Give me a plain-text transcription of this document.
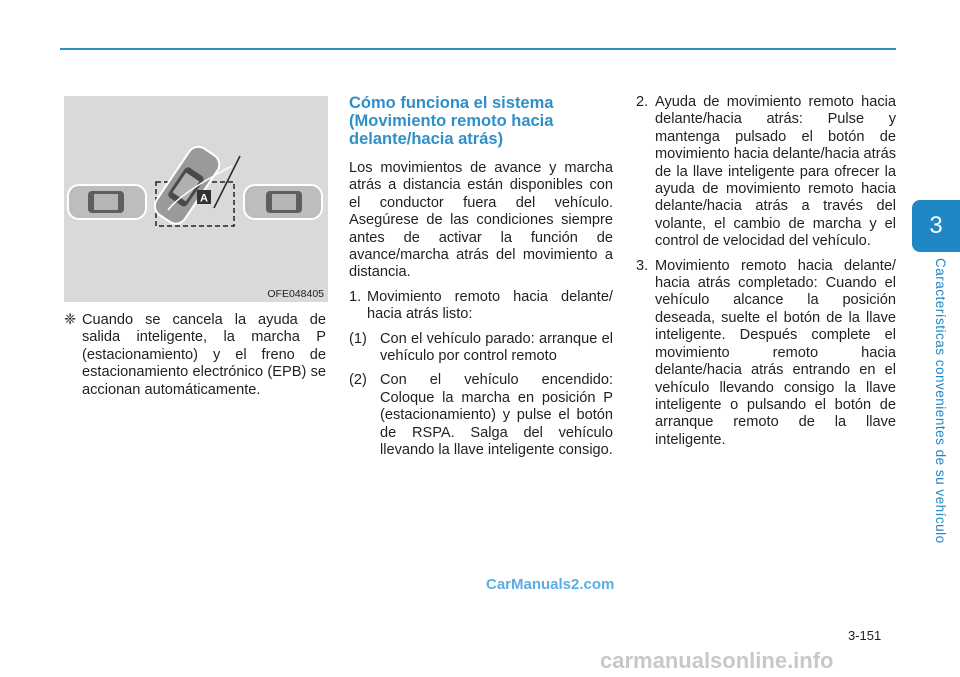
3
Características convenientes de su vehículo
A
OFE048405
❈ Cuando se cancela la ayuda de salida inteligente, la marcha P (estacionamiento) y el freno de estacionamiento electrónico (EPB) se accionan automáticamente.
Cómo funciona el sistema (Movimiento remoto hacia delante/hacia atrás)
Los movimientos de avance y marcha atrás a distancia están disponibles con el conductor fuera del vehículo. Asegúrese de las condiciones siempre antes de activar la función de avance/marcha atrás del movimiento a distancia.
1. Movimiento remoto hacia delante/ hacia atrás listo:
(1) Con el vehículo parado: arranque el vehículo por control remoto
(2) Con el vehículo encendido: Coloque la marcha en posición P (estacionamiento) y pulse el botón de RSPA. Salga del vehículo llevando la llave inteligente consigo.
2. Ayuda de movimiento remoto hacia delante/hacia atrás: Pulse y mantenga pulsado el botón de movimiento hacia delante/hacia atrás de la llave inteligente para ofrecer la ayuda de movimiento remoto hacia delante/hacia atrás a través del volante, el cambio de marcha y el control de velocidad del vehículo.
3. Movimiento remoto hacia delante/ hacia atrás completado: Cuando el vehículo alcance la posición deseada, suelte el botón de la llave inteligente. Después complete el movimiento remoto hacia delante/hacia atrás entrando en el vehículo llevando consigo la llave inteligente o pulsando el botón de arranque remoto de la llave inteligente.
CarManuals2.com
3-151
carmanualsonline.info
